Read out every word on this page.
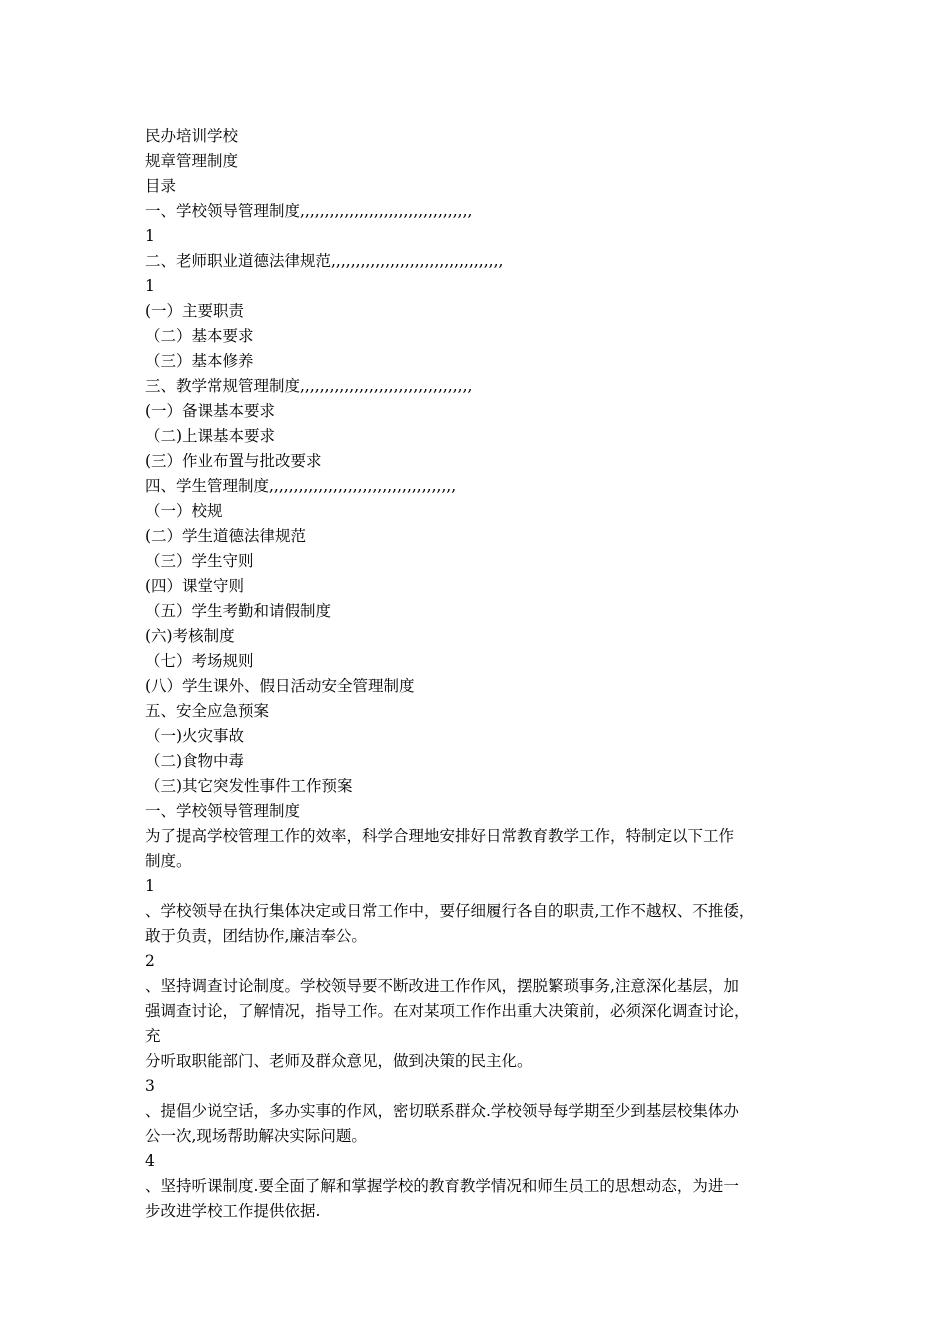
民办培训学校
规章管理制度
目录
一、学校领导管理制度,,,,,,,,,,,,,,,,,,,,,,,,,,,,,,,,,,,
1
二、老师职业道德法律规范,,,,,,,,,,,,,,,,,,,,,,,,,,,,,,,,,,,
1
(一）主要职责
（二）基本要求
（三）基本修养
三、教学常规管理制度,,,,,,,,,,,,,,,,,,,,,,,,,,,,,,,,,,,
(一）备课基本要求
（二)上课基本要求
(三）作业布置与批改要求
四、学生管理制度,,,,,,,,,,,,,,,,,,,,,,,,,,,,,,,,,,,,,,
（一）校规
(二）学生道德法律规范
（三）学生守则
(四）课堂守则
（五）学生考勤和请假制度
(六)考核制度
（七）考场规则
(八）学生课外、假日活动安全管理制度
五、安全应急预案
（一)火灾事故
（二)食物中毒
（三)其它突发性事件工作预案
一、学校领导管理制度
为了提高学校管理工作的效率，科学合理地安排好日常教育教学工作，特制定以下工作
制度。
1
、学校领导在执行集体决定或日常工作中，要仔细履行各自的职责,工作不越权、不推倭，
敢于负责，团结协作,廉洁奉公。
2
、坚持调查讨论制度。学校领导要不断改进工作作风，摆脱繁琐事务,注意深化基层，加
强调查讨论，了解情况，指导工作。在对某项工作作出重大决策前，必须深化调查讨论，
充
分听取职能部门、老师及群众意见，做到决策的民主化。
3
、提倡少说空话，多办实事的作风，密切联系群众.学校领导每学期至少到基层校集体办
公一次,现场帮助解决实际问题。
4
、坚持听课制度.要全面了解和掌握学校的教育教学情况和师生员工的思想动态，为进一
步改进学校工作提供依据.
